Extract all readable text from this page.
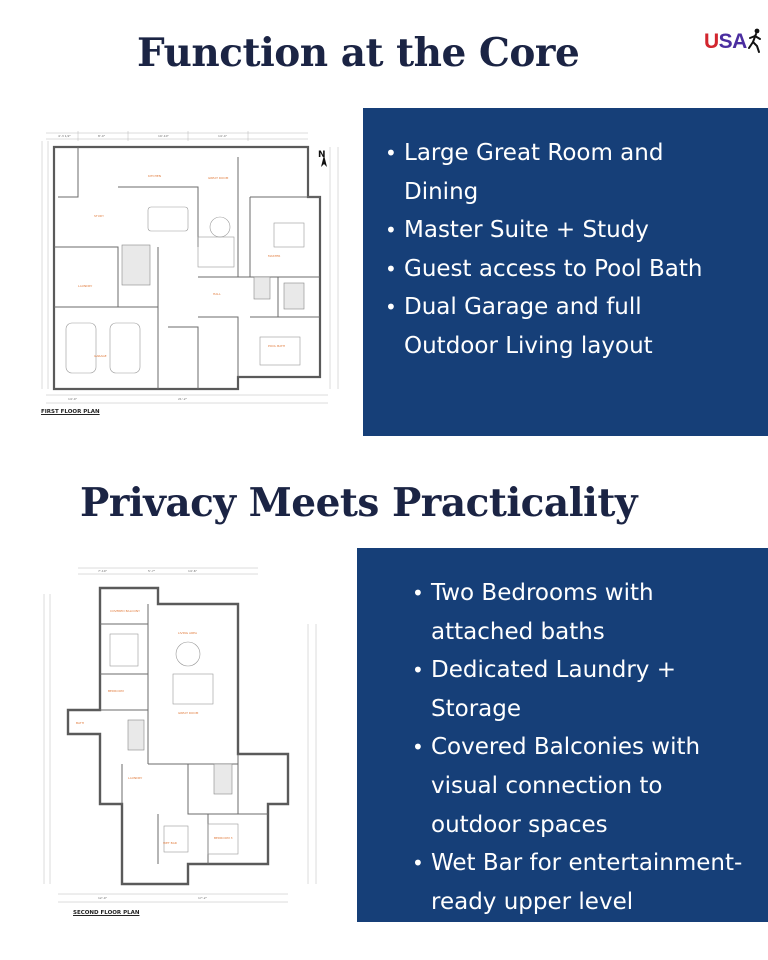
Function at the Core	USA
KITCHEN	GREAT ROOM
STUDY
MASTER
LAUNDRY
GARAGE
HALL
POOL BATH
4'-3 1/2"	8'-0"	19'-10"	14'-4"
14'-0"	21'-2"
N
FIRST FLOOR PLAN
• Large Great Room and Dining
• Master Suite + Study
• Guest access to Pool Bath
• Dual Garage and full Outdoor Living layout
Privacy Meets Practicality
COVERED BALCONY
LIVING AREA
BEDROOM
GREAT ROOM
LAUNDRY
BEDROOM 3
WET BAR
BATH
7'-10"	5'-7"	14'-6"
12'-0"	17'-2"
SECOND FLOOR PLAN
• Two Bedrooms with attached baths
• Dedicated Laundry + Storage
• Covered Balconies with visual connection to outdoor spaces
• Wet Bar for entertainment-ready upper level
